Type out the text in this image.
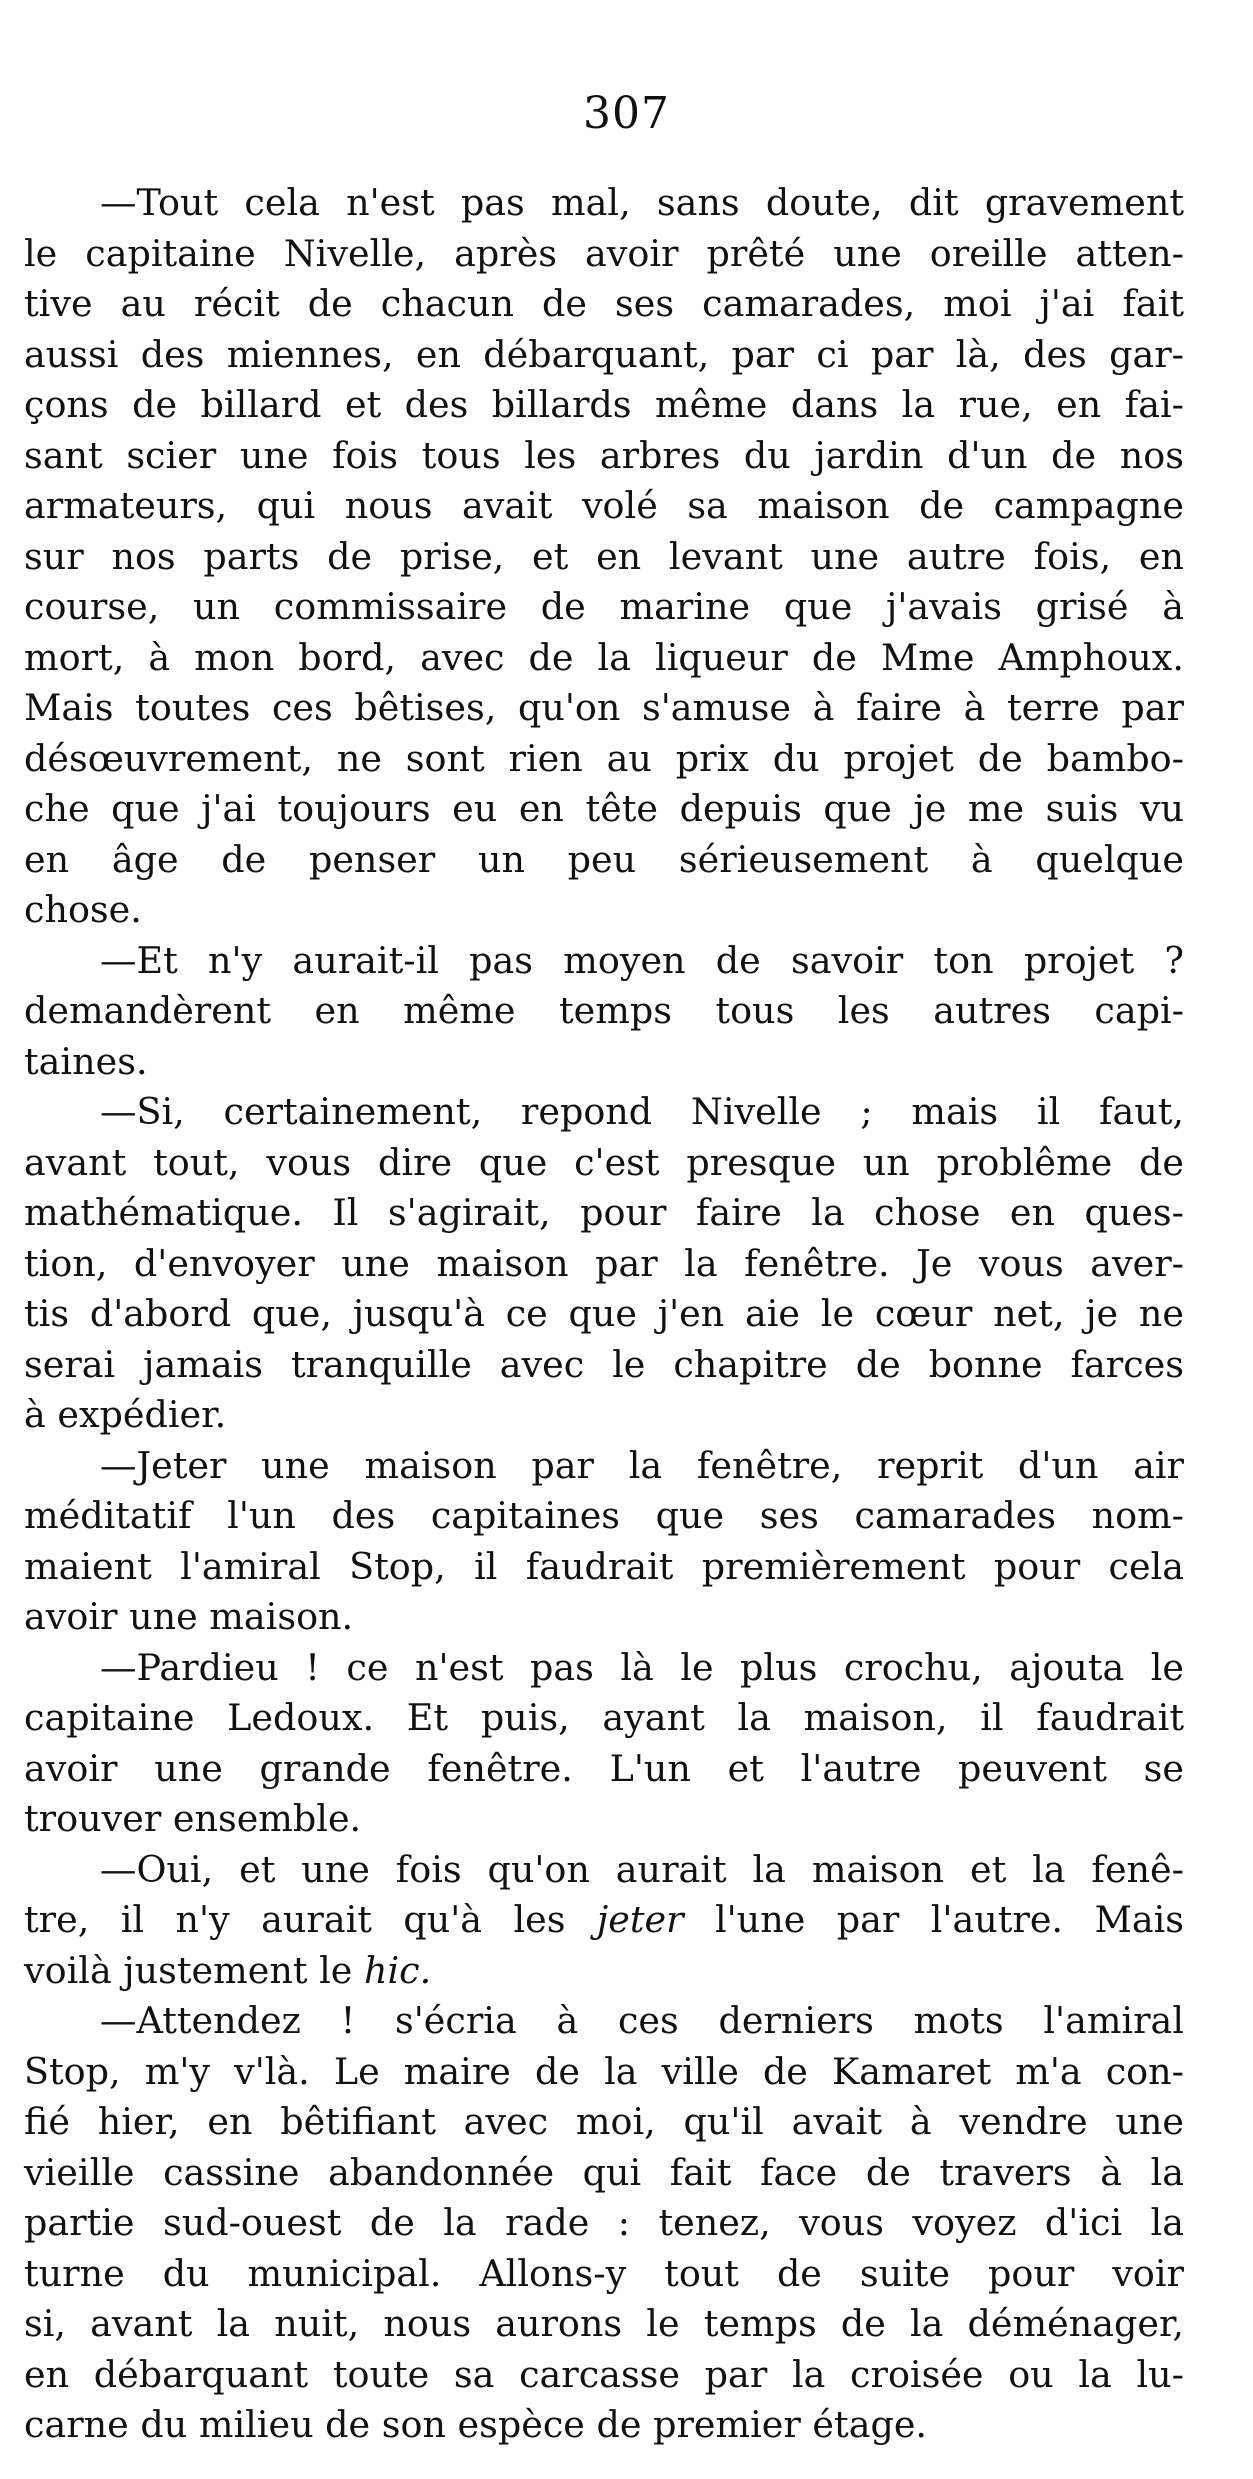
307
—Tout cela n'est pas mal, sans doute, dit gravement
le capitaine Nivelle, après avoir prêté une oreille atten-
tive au récit de chacun de ses camarades, moi j'ai fait
aussi des miennes, en débarquant, par ci par là, des gar-
çons de billard et des billards même dans la rue, en fai-
sant scier une fois tous les arbres du jardin d'un de nos
armateurs, qui nous avait volé sa maison de campagne
sur nos parts de prise, et en levant une autre fois, en
course, un commissaire de marine que j'avais grisé à
mort, à mon bord, avec de la liqueur de Mme Amphoux.
Mais toutes ces bêtises, qu'on s'amuse à faire à terre par
désœuvrement, ne sont rien au prix du projet de bambo-
che que j'ai toujours eu en tête depuis que je me suis vu
en âge de penser un peu sérieusement à quelque
chose.
—Et n'y aurait-il pas moyen de savoir ton projet ?
demandèrent en même temps tous les autres capi-
taines.
—Si, certainement, repond Nivelle ; mais il faut,
avant tout, vous dire que c'est presque un problême de
mathématique. Il s'agirait, pour faire la chose en ques-
tion, d'envoyer une maison par la fenêtre. Je vous aver-
tis d'abord que, jusqu'à ce que j'en aie le cœur net, je ne
serai jamais tranquille avec le chapitre de bonne farces
à expédier.
—Jeter une maison par la fenêtre, reprit d'un air
méditatif l'un des capitaines que ses camarades nom-
maient l'amiral Stop, il faudrait premièrement pour cela
avoir une maison.
—Pardieu ! ce n'est pas là le plus crochu, ajouta le
capitaine Ledoux. Et puis, ayant la maison, il faudrait
avoir une grande fenêtre. L'un et l'autre peuvent se
trouver ensemble.
—Oui, et une fois qu'on aurait la maison et la fenê-
tre, il n'y aurait qu'à les jeter l'une par l'autre. Mais
voilà justement le hic.
—Attendez ! s'écria à ces derniers mots l'amiral
Stop, m'y v'là. Le maire de la ville de Kamaret m'a con-
fié hier, en bêtifiant avec moi, qu'il avait à vendre une
vieille cassine abandonnée qui fait face de travers à la
partie sud-ouest de la rade : tenez, vous voyez d'ici la
turne du municipal. Allons-y tout de suite pour voir
si, avant la nuit, nous aurons le temps de la déménager,
en débarquant toute sa carcasse par la croisée ou la lu-
carne du milieu de son espèce de premier étage.
